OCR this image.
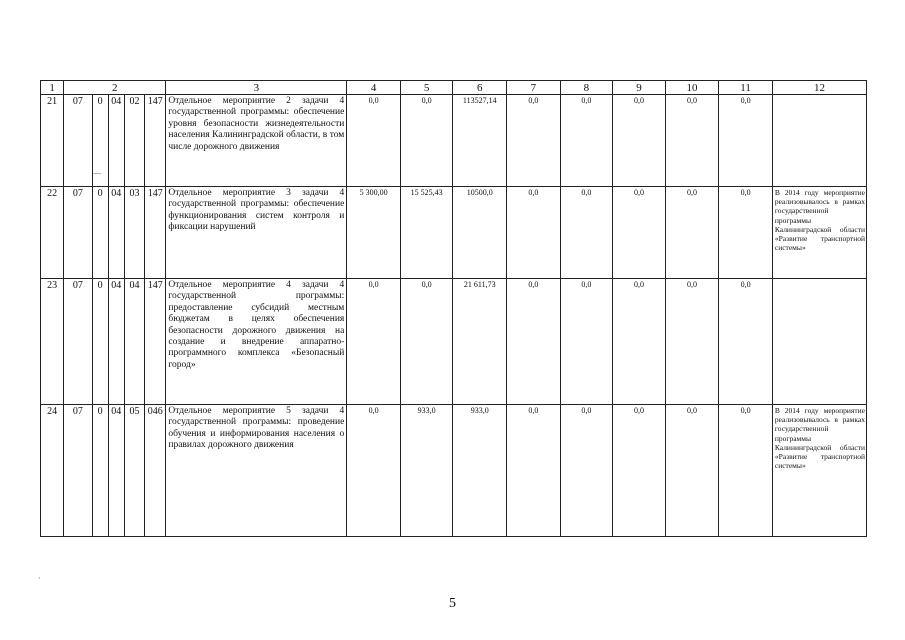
1	2					3	4	5	6	7	8	9	10	11	12
21	07	0	04	02	147	Отдельное мероприятие 2 задачи 4 государственной программы: обеспечение уровня безопасности жизнедеятельности населения Калининградской области, в том числе дорожного движения	0,0	0,0	113527,14	0,0	0,0	0,0	0,0	0,0	
22	07	0	04	03	147	Отдельное мероприятие 3 задачи 4 государственной программы: обеспечение функционирования систем контроля и фиксации нарушений	5 300,00	15 525,43	10500,0	0,0	0,0	0,0	0,0	0,0	В 2014 году мероприятие реализовывалось в рамках государственной программы Калининградской области «Развитие транспортной системы»
23	07	0	04	04	147	Отдельное мероприятие 4 задачи 4 государственной программы: предоставление субсидий местным бюджетам в целях обеспечения безопасности дорожного движения на создание и внедрение аппаратно-программного комплекса «Безопасный город»	0,0	0,0	21 611,73	0,0	0,0	0,0	0,0	0,0	
24	07	0	04	05	046	Отдельное мероприятие 5 задачи 4 государственной программы: проведение обучения и информирования населения о правилах дорожного движения	0,0	933,0	933,0	0,0	0,0	0,0	0,0	0,0	В 2014 году мероприятие реализовывалось в рамках государственной программы Калининградской области «Развитие транспортной системы»
—
·
5
